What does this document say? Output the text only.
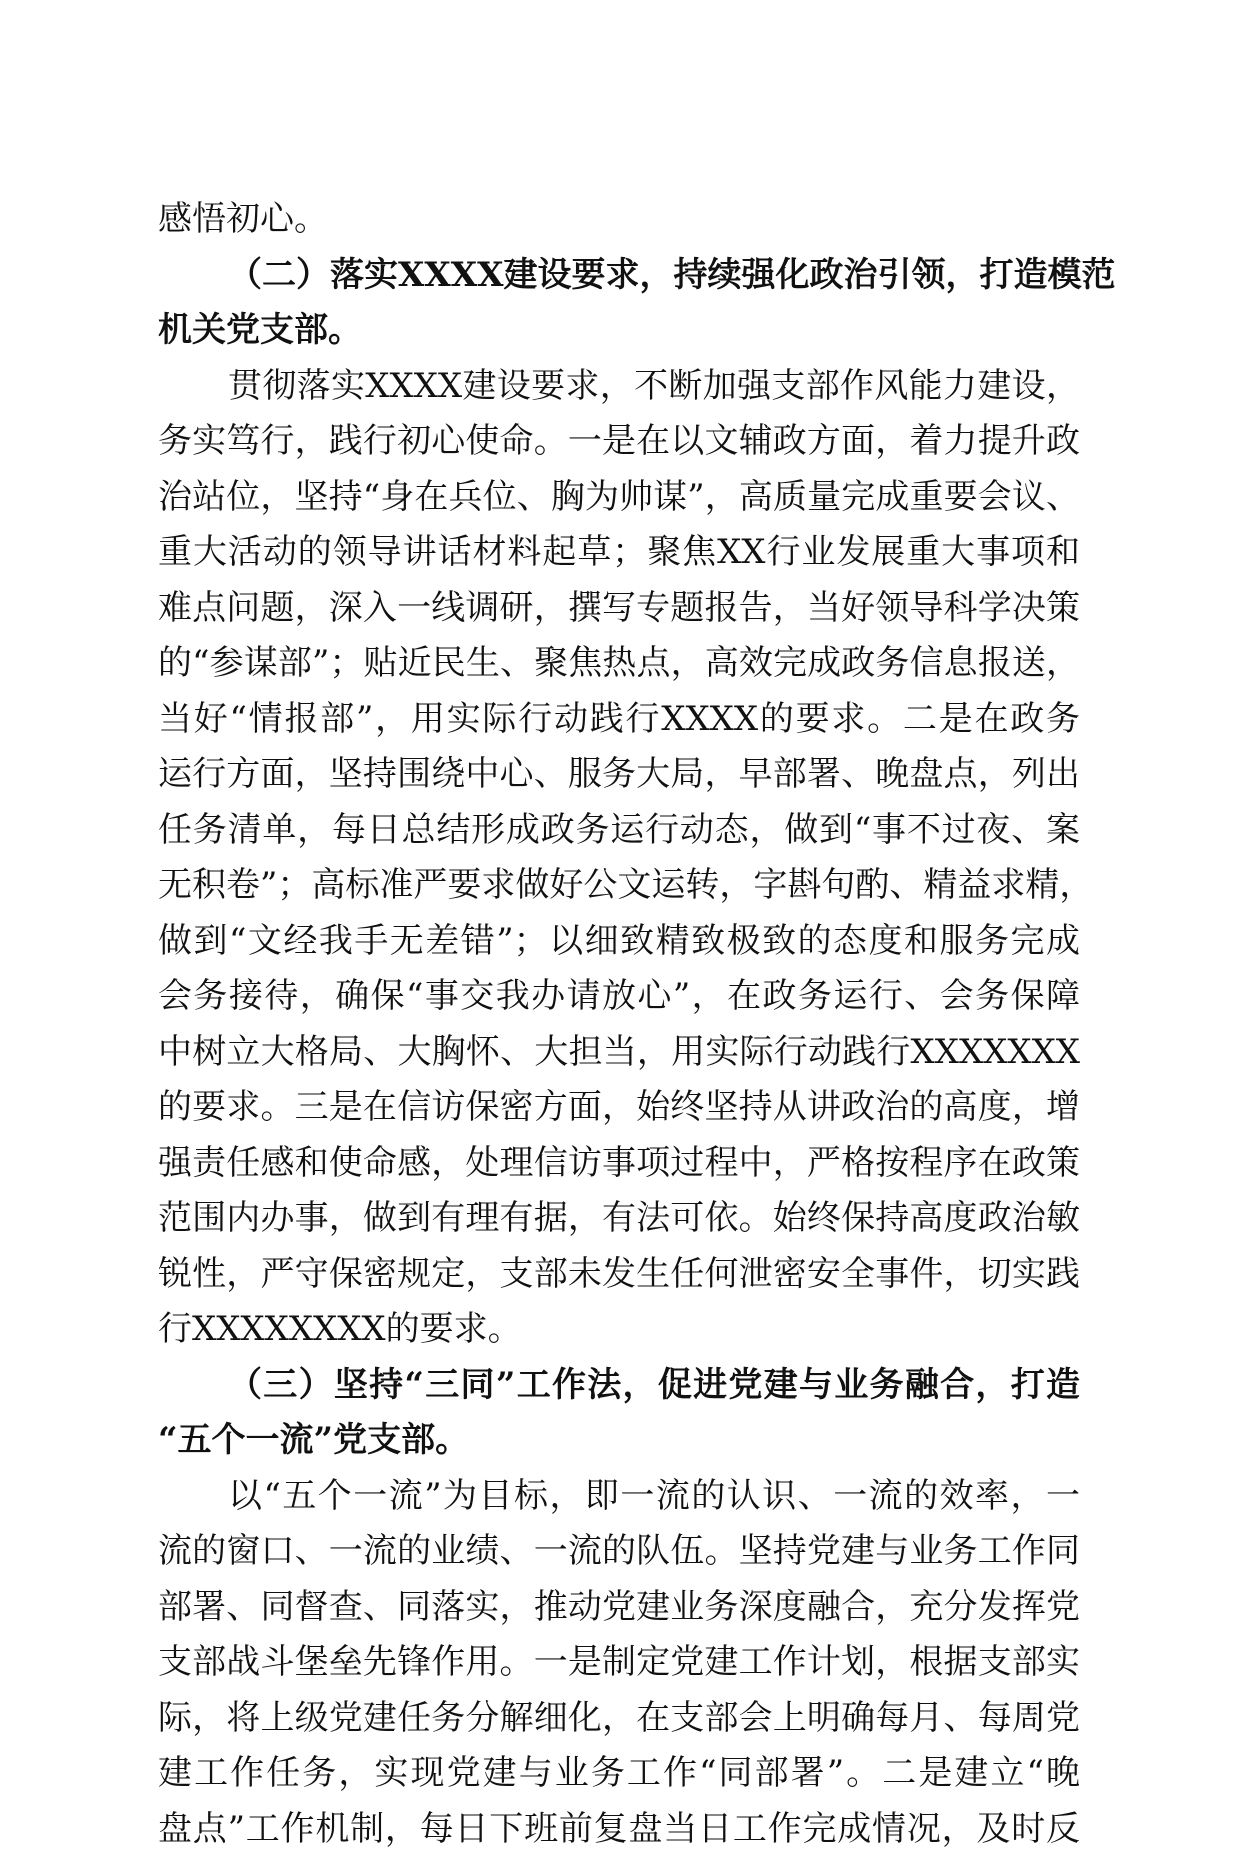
感悟初心。
（二）落实XXXX建设要求，持续强化政治引领，打造模范
机关党支部。
贯彻落实XXXX建设要求，不断加强支部作风能力建设，
务实笃行，践行初心使命。一是在以文辅政方面，着力提升政
治站位，坚持“身在兵位、胸为帅谋”，高质量完成重要会议、
重大活动的领导讲话材料起草；聚焦XX行业发展重大事项和
难点问题，深入一线调研，撰写专题报告，当好领导科学决策
的“参谋部”；贴近民生、聚焦热点，高效完成政务信息报送，
当好“情报部”，用实际行动践行XXXX的要求。二是在政务
运行方面，坚持围绕中心、服务大局，早部署、晚盘点，列出
任务清单，每日总结形成政务运行动态，做到“事不过夜、案
无积卷”；高标准严要求做好公文运转，字斟句酌、精益求精，
做到“文经我手无差错”；以细致精致极致的态度和服务完成
会务接待，确保“事交我办请放心”，在政务运行、会务保障
中树立大格局、大胸怀、大担当，用实际行动践行XXXXXXX
的要求。三是在信访保密方面，始终坚持从讲政治的高度，增
强责任感和使命感，处理信访事项过程中，严格按程序在政策
范围内办事，做到有理有据，有法可依。始终保持高度政治敏
锐性，严守保密规定，支部未发生任何泄密安全事件，切实践
行XXXXXXXX的要求。
（三）坚持“三同”工作法，促进党建与业务融合，打造
“五个一流”党支部。
以“五个一流”为目标，即一流的认识、一流的效率，一
流的窗口、一流的业绩、一流的队伍。坚持党建与业务工作同
部署、同督查、同落实，推动党建业务深度融合，充分发挥党
支部战斗堡垒先锋作用。一是制定党建工作计划，根据支部实
际，将上级党建任务分解细化，在支部会上明确每月、每周党
建工作任务，实现党建与业务工作“同部署”。二是建立“晚
盘点”工作机制，每日下班前复盘当日工作完成情况，及时反
